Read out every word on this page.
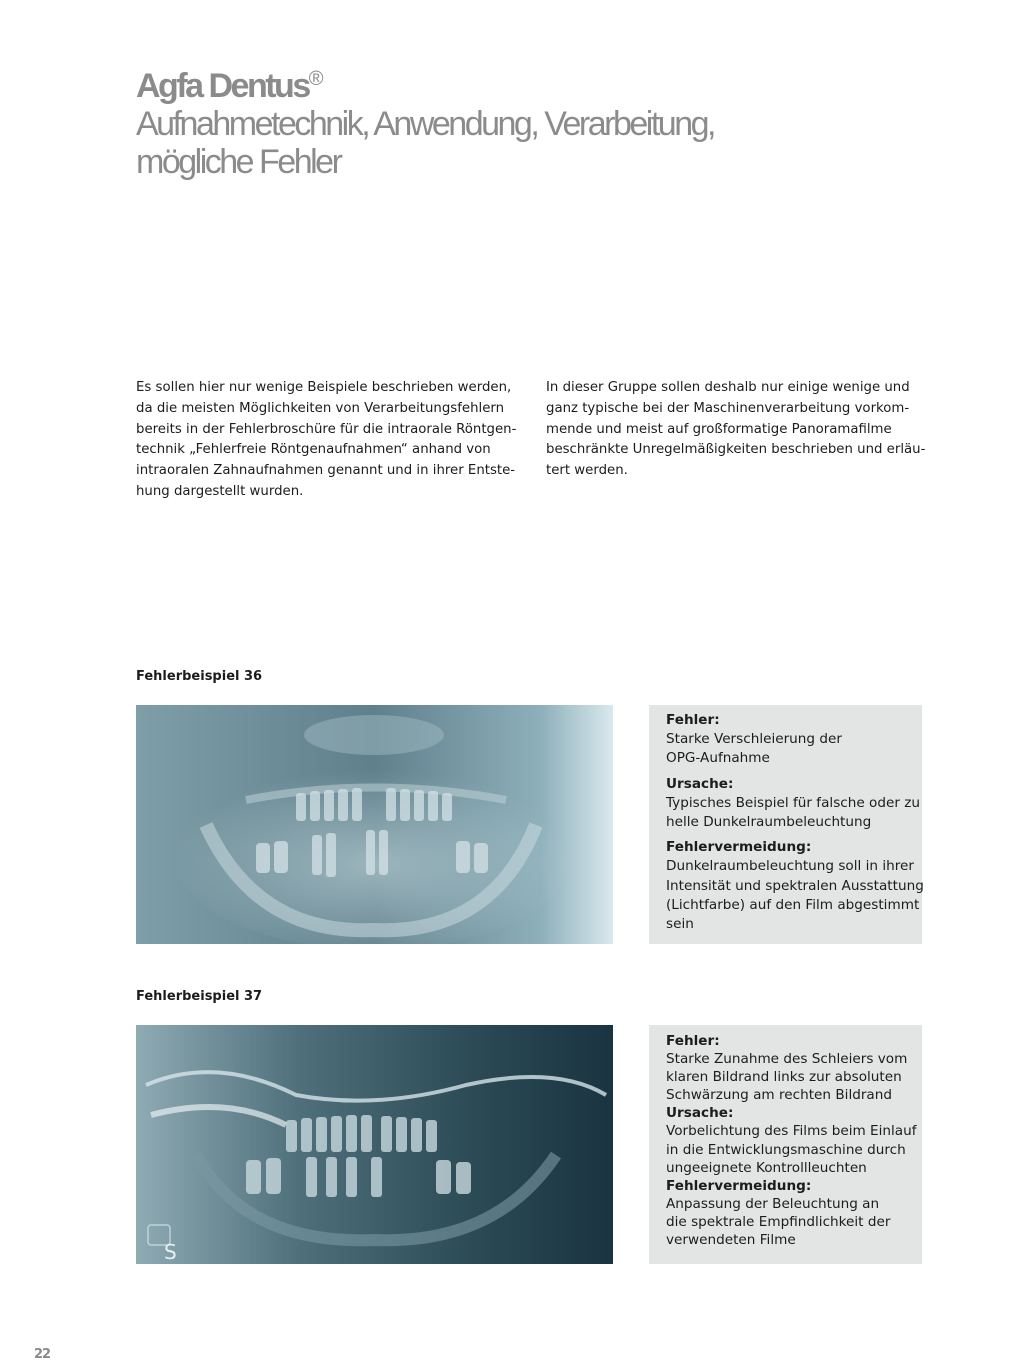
Agfa Dentus®
Aufnahmetechnik, Anwendung, Verarbeitung,
mögliche Fehler
Es sollen hier nur wenige Beispiele beschrieben werden,
da die meisten Möglichkeiten von Verarbeitungsfehlern
bereits in der Fehlerbroschüre für die intraorale Röntgen-
technik „Fehlerfreie Röntgenaufnahmen“ anhand von
intraoralen Zahnaufnahmen genannt und in ihrer Entste-
hung dargestellt wurden.
In dieser Gruppe sollen deshalb nur einige wenige und
ganz typische bei der Maschinenverarbeitung vorkom-
mende und meist auf großformatige Panoramafilme
beschränkte Unregelmäßigkeiten beschrieben und erläu-
tert werden.
Fehlerbeispiel 36
Fehler:
Starke Verschleierung der
OPG-Aufnahme
Ursache:
Typisches Beispiel für falsche oder zu
helle Dunkelraumbeleuchtung
Fehlervermeidung:
Dunkelraumbeleuchtung soll in ihrer
Intensität und spektralen Ausstattung
(Lichtfarbe) auf den Film abgestimmt
sein
Fehlerbeispiel 37
S
Fehler:
Starke Zunahme des Schleiers vom
klaren Bildrand links zur absoluten
Schwärzung am rechten Bildrand
Ursache:
Vorbelichtung des Films beim Einlauf
in die Entwicklungsmaschine durch
ungeeignete Kontrollleuchten
Fehlervermeidung:
Anpassung der Beleuchtung an
die spektrale Empfindlichkeit der
verwendeten Filme
22
